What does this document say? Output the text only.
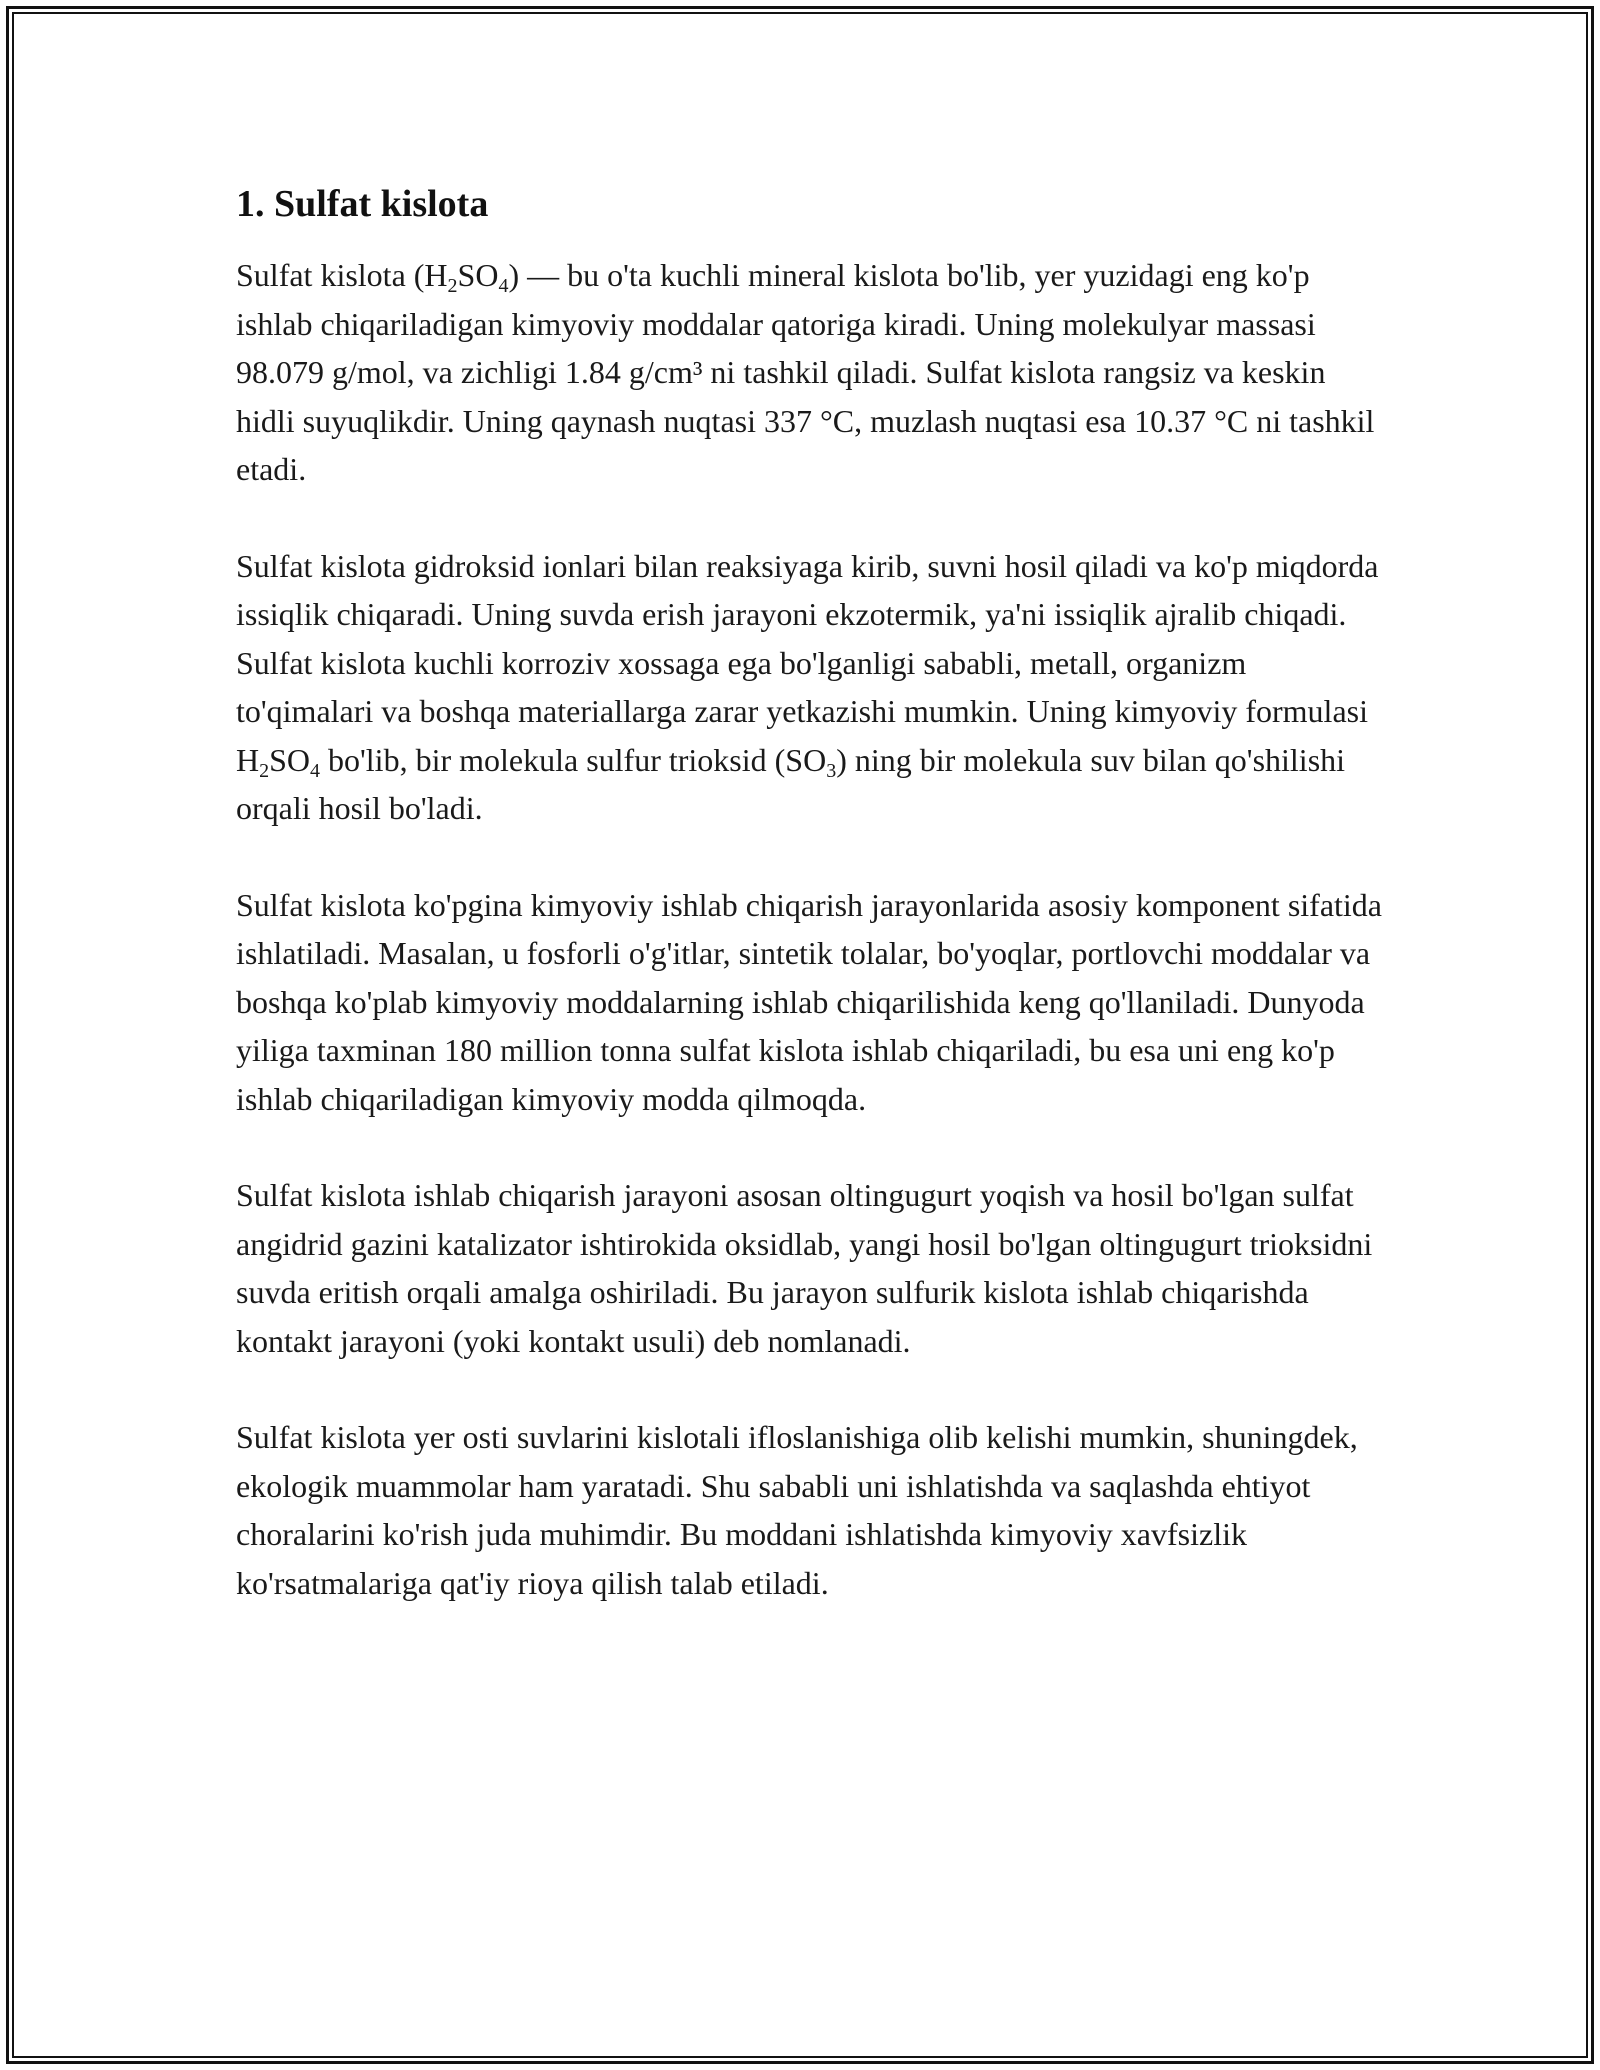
1. Sulfat kislota

Sulfat kislota $(H_2SO_4)$ — bu o'ta kuchli mineral kislota bo'lib, yer yuzidagi eng ko'p ishlab chiqariladigan kimyoviy moddalar qatoriga kiradi. Uning molekulyar massasi 98.079 g/mol, va zichligi 1.84 g/cm³ ni tashkil qiladi. Sulfat kislota rangsiz va keskin hidli suyuqlikdir. Uning qaynash nuqtasi 337 °C, muzlash nuqtasi esa 10.37 °C ni tashkil etadi.

Sulfat kislota gidroksid ionlari bilan reaksiyaga kirib, suvni hosil qiladi va ko'p miqdorda issiqlik chiqaradi. Uning suvda erish jarayoni ekzotermik, ya'ni issiqlik ajralib chiqadi. Sulfat kislota kuchli korroziv xossaga ega bo'lganligi sababli, metall, organizm to'qimalari va boshqa materiallarga zarar yetkazishi mumkin. Uning kimyoviy formulasi $H_2SO_4$ bo'lib, bir molekula sulfur trioksid $(SO_3)$ ning bir molekula suv bilan qo'shilishi orqali hosil bo'ladi.

Sulfat kislota ko'pgina kimyoviy ishlab chiqarish jarayonlarida asosiy komponent sifatida ishlatiladi. Masalan, u fosforli o'g'itlar, sintetik tolalar, bo'yoqlar, portlovchi moddalar va boshqa ko'plab kimyoviy moddalarning ishlab chiqarilishida keng qo'llaniladi. Dunyoda yiliga taxminan 180 million tonna sulfat kislota ishlab chiqariladi, bu esa uni eng ko'p ishlab chiqariladigan kimyoviy modda qilmoqda.

Sulfat kislota ishlab chiqarish jarayoni asosan oltingugurt yoqish va hosil bo'lgan sulfat angidrid gazini katalizator ishtirokida oksidlab, yangi hosil bo'lgan oltingugurt trioksidni suvda eritish orqali amalga oshiriladi. Bu jarayon sulfurik kislota ishlab chiqarishda kontakt jarayoni (yoki kontakt usuli) deb nomlanadi.

Sulfat kislota yer osti suvlarini kislotali ifloslanishiga olib kelishi mumkin, shuningdek, ekologik muammolar ham yaratadi. Shu sababli uni ishlatishda va saqlashda ehtiyot choralarini ko'rish juda muhimdir. Bu moddani ishlatishda kimyoviy xavfsizlik ko'rsatmalariga qat'iy rioya qilish talab etiladi.
